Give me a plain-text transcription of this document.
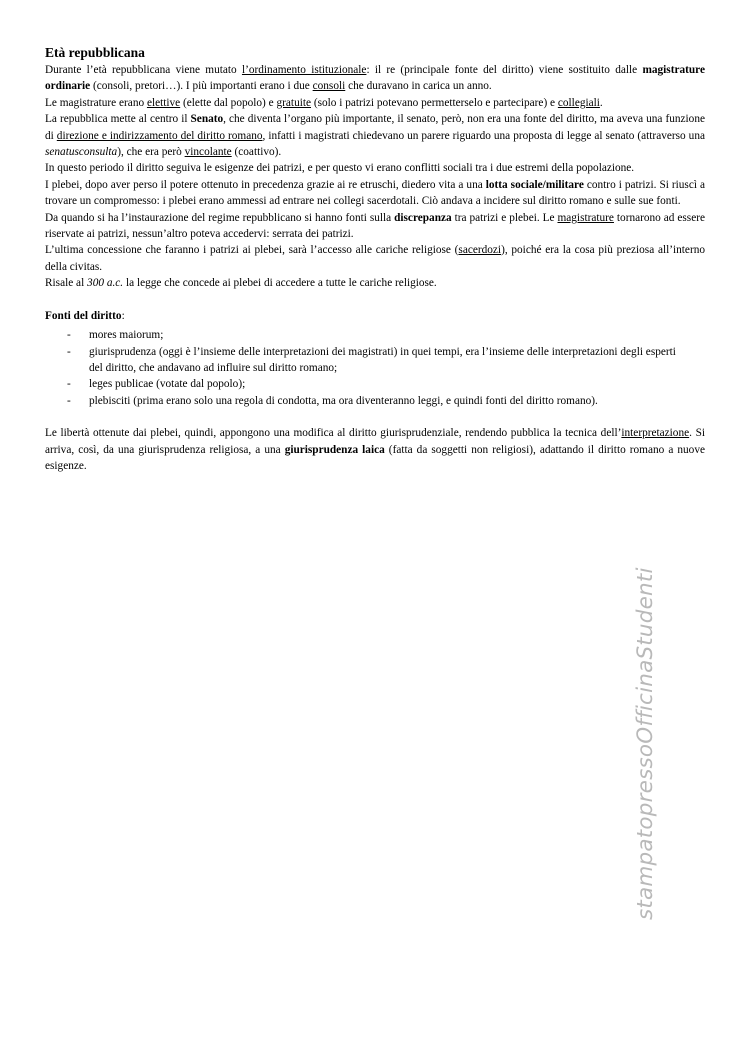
Età repubblicana

Durante l’età repubblicana viene mutato l’ordinamento istituzionale: il re (principale fonte del diritto) viene sostituito dalle magistrature ordinarie (consoli, pretori…). I più importanti erano i due consoli che duravano in carica un anno.

Le magistrature erano elettive (elette dal popolo) e gratuite (solo i patrizi potevano permetterselo e partecipare) e collegiali.

La repubblica mette al centro il Senato, che diventa l’organo più importante, il senato, però, non era una fonte del diritto, ma aveva una funzione di direzione e indirizzamento del diritto romano, infatti i magistrati chiedevano un parere riguardo una proposta di legge al senato (attraverso una senatusconsulta), che era però vincolante (coattivo).

In questo periodo il diritto seguiva le esigenze dei patrizi, e per questo vi erano conflitti sociali tra i due estremi della popolazione.

I plebei, dopo aver perso il potere ottenuto in precedenza grazie ai re etruschi, diedero vita a una lotta sociale/militare contro i patrizi. Si riuscì a trovare un compromesso: i plebei erano ammessi ad entrare nei collegi sacerdotali. Ciò andava a incidere sul diritto romano e sulle sue fonti.

Da quando si ha l’instaurazione del regime repubblicano si hanno fonti sulla discrepanza tra patrizi e plebei. Le magistrature tornarono ad essere riservate ai patrizi, nessun’altro poteva accedervi: serrata dei patrizi.

L’ultima concessione che faranno i patrizi ai plebei, sarà l’accesso alle cariche religiose (sacerdozi), poiché era la cosa più preziosa all’interno della civitas.

Risale al 300 a.c. la legge che concede ai plebei di accedere a tutte le cariche religiose.

Fonti del diritto:

- mores maiorum;
- giurisprudenza (oggi è l’insieme delle interpretazioni dei magistrati) in quei tempi, era l’insieme delle interpretazioni degli esperti del diritto, che andavano ad influire sul diritto romano;
- leges publicae (votate dal popolo);
- plebisciti (prima erano solo una regola di condotta, ma ora diventeranno leggi, e quindi fonti del diritto romano).

Le libertà ottenute dai plebei, quindi, appongono una modifica al diritto giurisprudenziale, rendendo pubblica la tecnica dell’interpretazione. Si arriva, così, da una giurisprudenza religiosa, a una giurisprudenza laica (fatta da soggetti non religiosi), adattando il diritto romano a nuove esigenze.

stampatopressoOfficinaStudenti
